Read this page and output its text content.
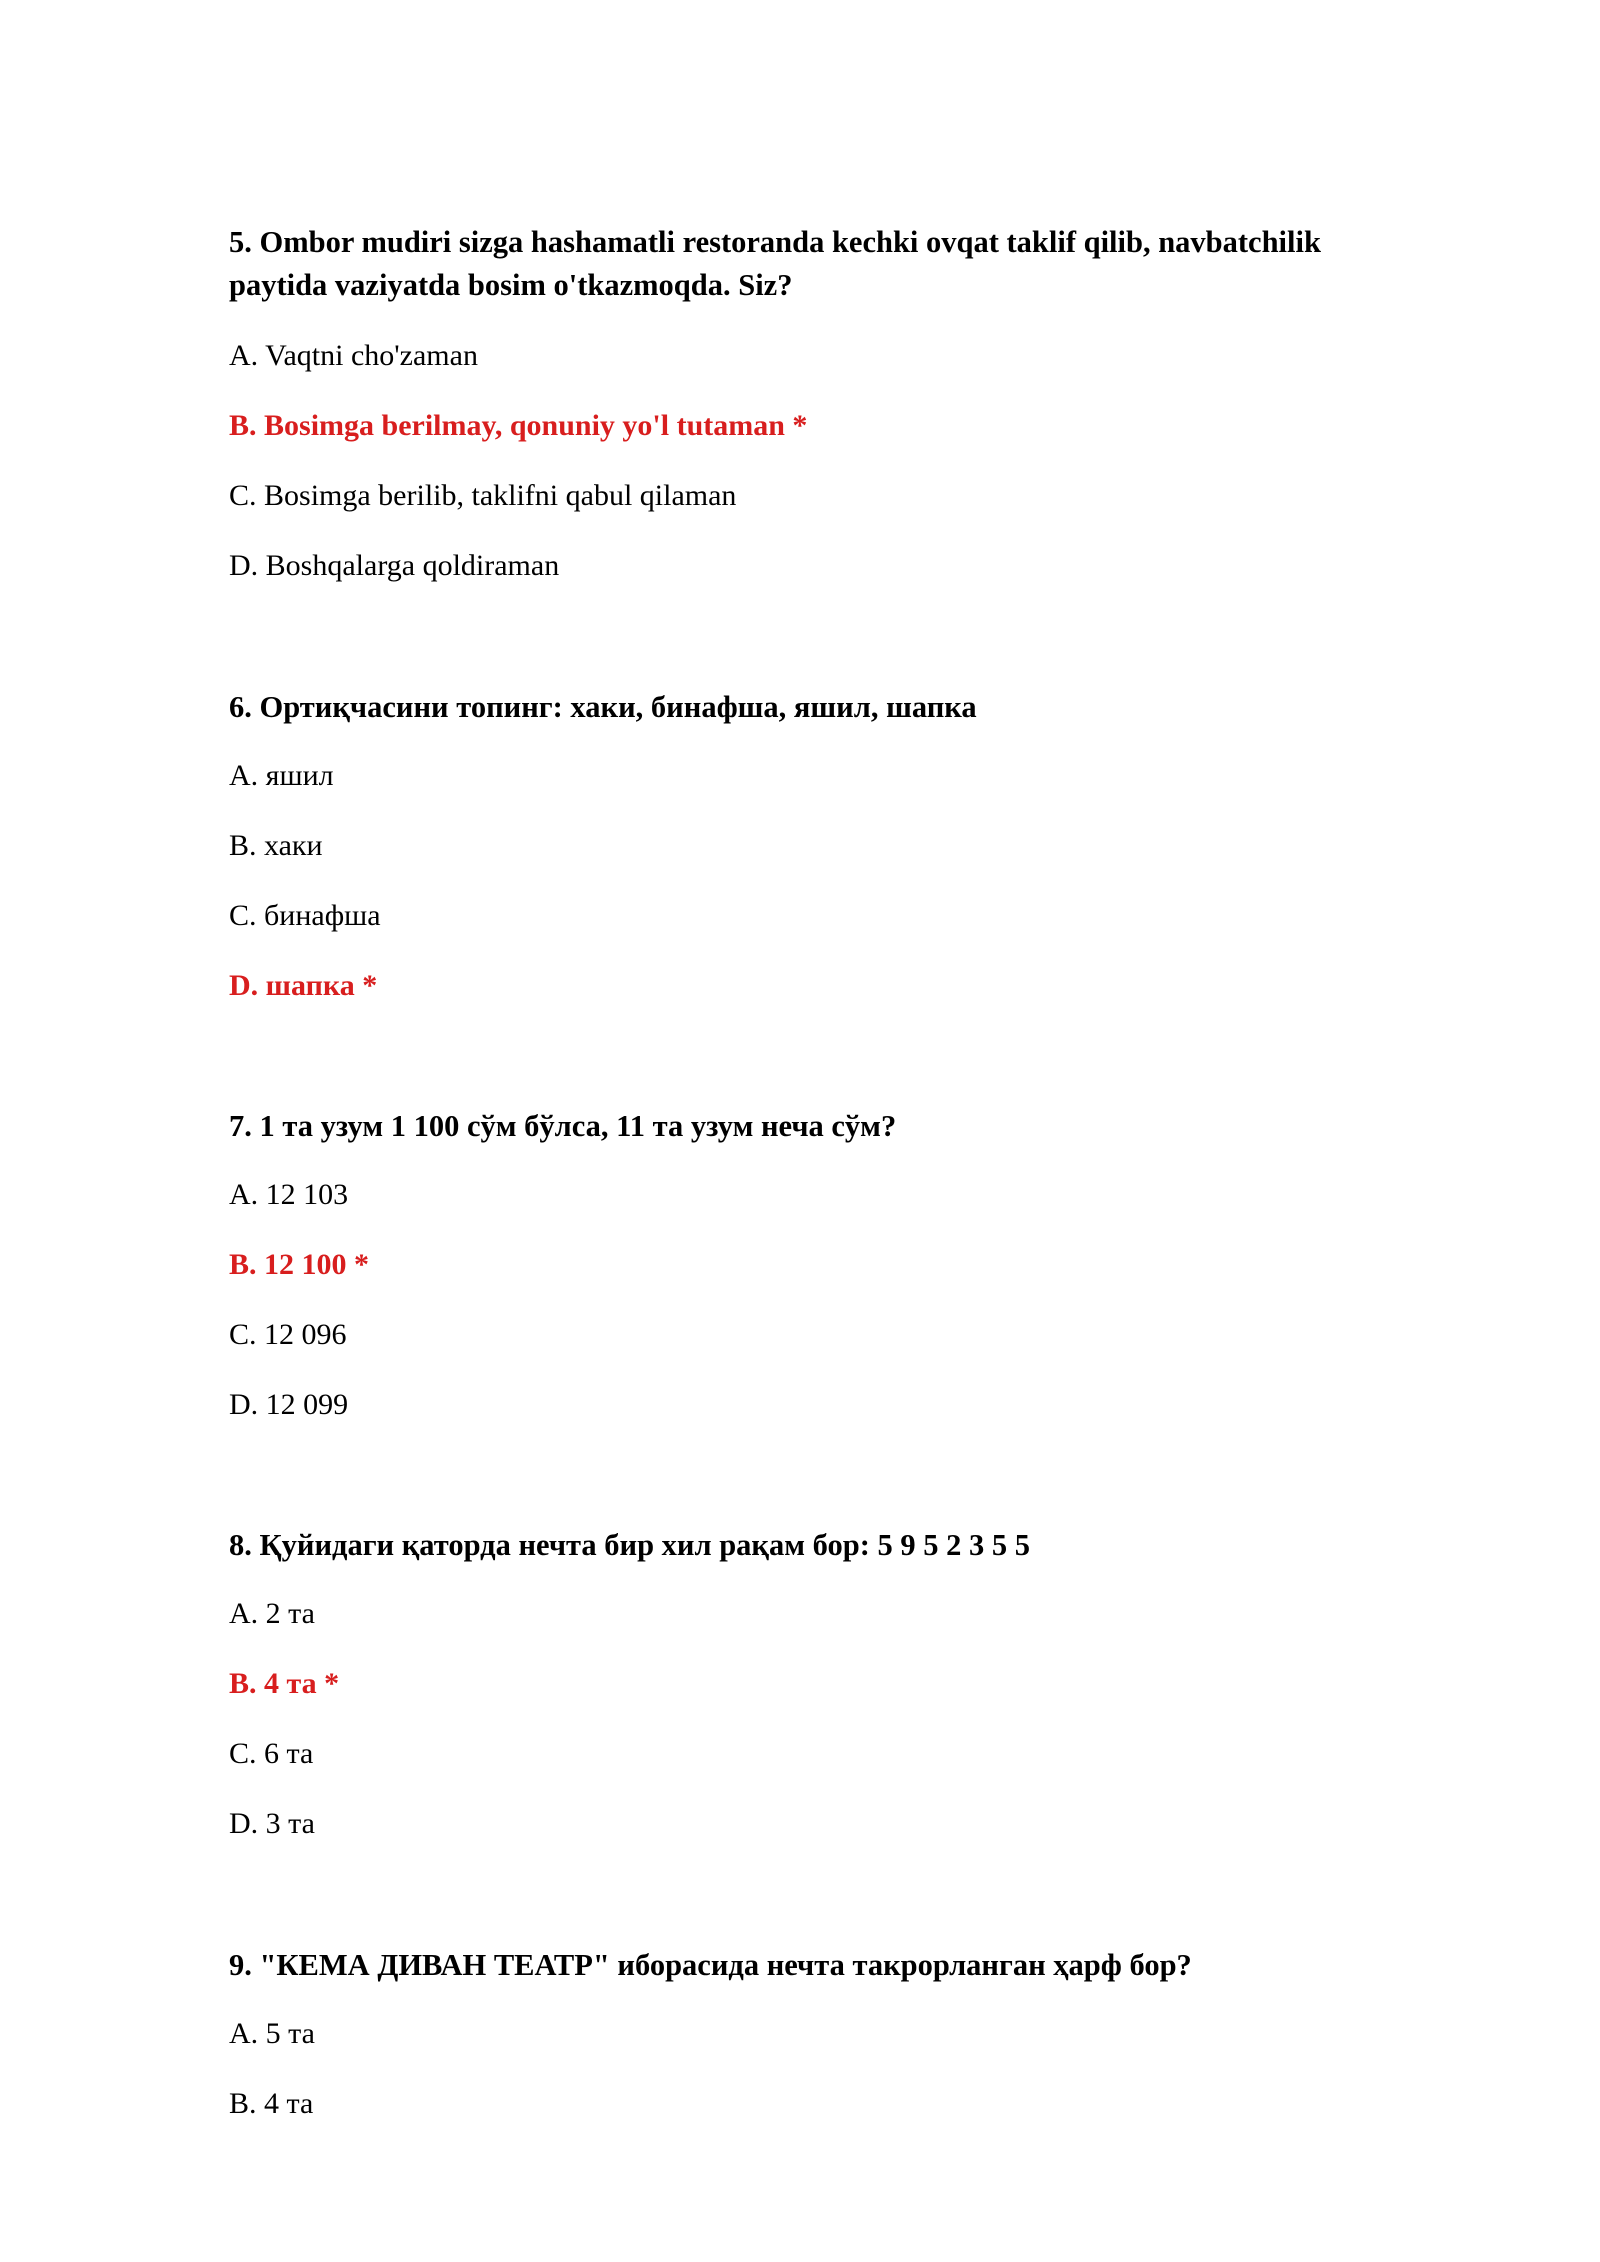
5. Ombor mudiri sizga hashamatli restoranda kechki ovqat taklif qilib, navbatchilik paytida vaziyatda bosim o'tkazmoqda. Siz?

A. Vaqtni cho'zaman

B. Bosimga berilmay, qonuniy yo'l tutaman *

C. Bosimga berilib, taklifni qabul qilaman

D. Boshqalarga qoldiraman

6. Ортиқчасини топинг: хаки, бинафша, яшил, шапка

A. яшил

B. хаки

C. бинафша

D. шапка *

7. 1 та узум 1 100 сўм бўлса, 11 та узум неча сўм?

A. 12 103

B. 12 100 *

C. 12 096

D. 12 099

8. Қуйидаги қаторда нечта бир хил рақам бор: 5 9 5 2 3 5 5

A. 2 та

B. 4 та *

C. 6 та

D. 3 та

9. "КЕМА ДИВАН ТЕАТР" иборасида нечта такрорланган ҳарф бор?

A. 5 та

B. 4 та
